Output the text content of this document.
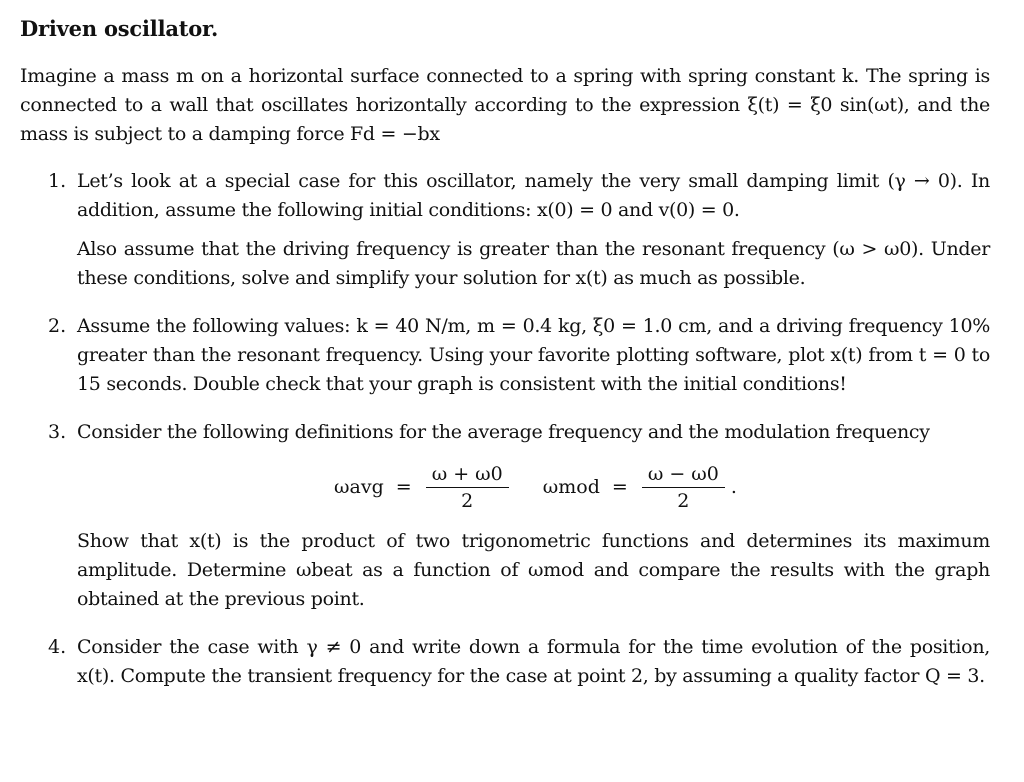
Driven oscillator.

Imagine a mass m on a horizontal surface connected to a spring with spring constant k. The spring is connected to a wall that oscillates horizontally according to the expression ξ(t) = ξ0 sin(ωt), and the mass is subject to a damping force Fd = −bx

1. Let’s look at a special case for this oscillator, namely the very small damping limit (γ → 0). In addition, assume the following initial conditions: x(0) = 0 and v(0) = 0.

Also assume that the driving frequency is greater than the resonant frequency (ω > ω0). Under these conditions, solve and simplify your solution for x(t) as much as possible.

2. Assume the following values: k = 40 N/m, m = 0.4 kg, ξ0 = 1.0 cm, and a driving frequency 10% greater than the resonant frequency. Using your favorite plotting software, plot x(t) from t = 0 to 15 seconds. Double check that your graph is consistent with the initial conditions!

3. Consider the following definitions for the average frequency and the modulation frequency

$\omega avg = \frac{\omega + \omega 0}{2}$ $\omega mod = \frac{\omega - \omega 0}{2}$ .

Show that x(t) is the product of two trigonometric functions and determines its maximum amplitude. Determine ωbeat as a function of ωmod and compare the results with the graph obtained at the previous point.

4. Consider the case with γ ≠ 0 and write down a formula for the time evolution of the position, x(t). Compute the transient frequency for the case at point 2, by assuming a quality factor Q = 3.
